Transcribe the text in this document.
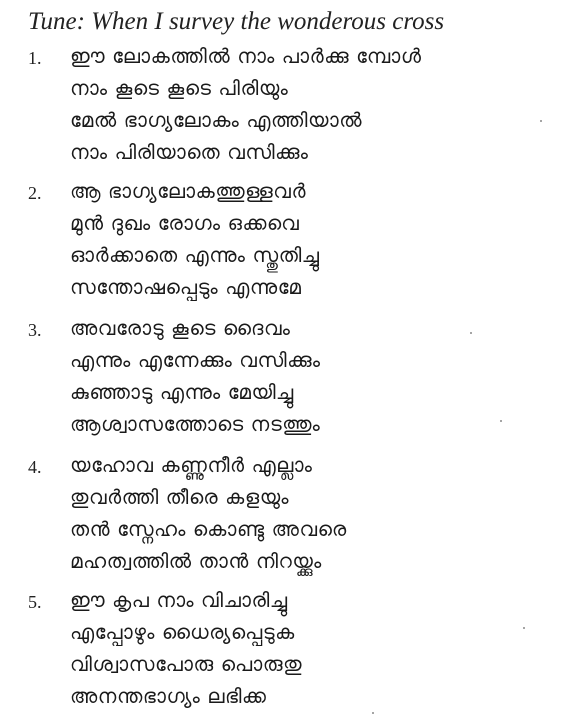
Tune: When I survey the wonderous cross
1. ഈ ലോകത്തിൽ നാം പാർക്കു മ്പോൾ
നാം കൂടെ കൂടെ പിരിയും
മേൽ ഭാഗ്യലോകം എത്തിയാൽ
നാം പിരിയാതെ വസിക്കും
2. ആ ഭാഗ്യലോകത്തുള്ളവർ
മുൻ ദുഖം രോഗം ഒക്കവെ
ഓർക്കാതെ എന്നും സ്തുതിച്ചു
സന്തോഷപ്പെടും എന്നുമേ
3. അവരോടു കൂടെ ദൈവം
എന്നും എന്നേക്കും വസിക്കും
കുഞ്ഞാടു എന്നും മേയിച്ചു
ആശ്വാസത്തോടെ നടത്തും
4. യഹോവ കണ്ണുനീർ എല്ലാം
തുവർത്തി തീരെ കളയും
തൻ സ്നേഹം കൊണ്ടു അവരെ
മഹത്വത്തിൽ താൻ നിറയ്ക്കും
5. ഈ കൃപ നാം വിചാരിച്ചു
എപ്പോഴും ധൈര്യപ്പെടുക
വിശ്വാസപോരു പൊരുതു
അനന്തഭാഗ്യം ലഭിക്ക
